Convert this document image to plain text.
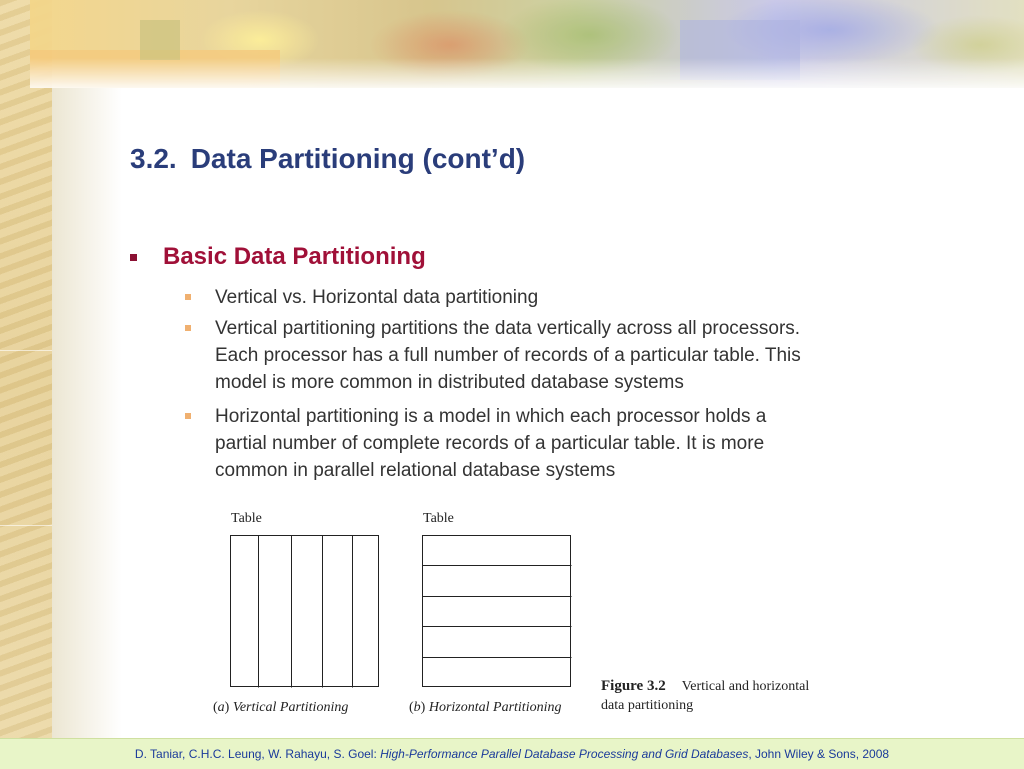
3.2. Data Partitioning (cont’d)
Basic Data Partitioning
Vertical vs. Horizontal data partitioning
Vertical partitioning partitions the data vertically across all processors.
Each processor has a full number of records of a particular table. This
model is more common in distributed database systems
Horizontal partitioning is a model in which each processor holds a
partial number of complete records of a particular table. It is more
common in parallel relational database systems
Table
(a) Vertical Partitioning
Table
(b) Horizontal Partitioning
Figure 3.2 Vertical and horizontal
data partitioning
D. Taniar, C.H.C. Leung, W. Rahayu, S. Goel: High-Performance Parallel Database Processing and Grid Databases, John Wiley & Sons, 2008
